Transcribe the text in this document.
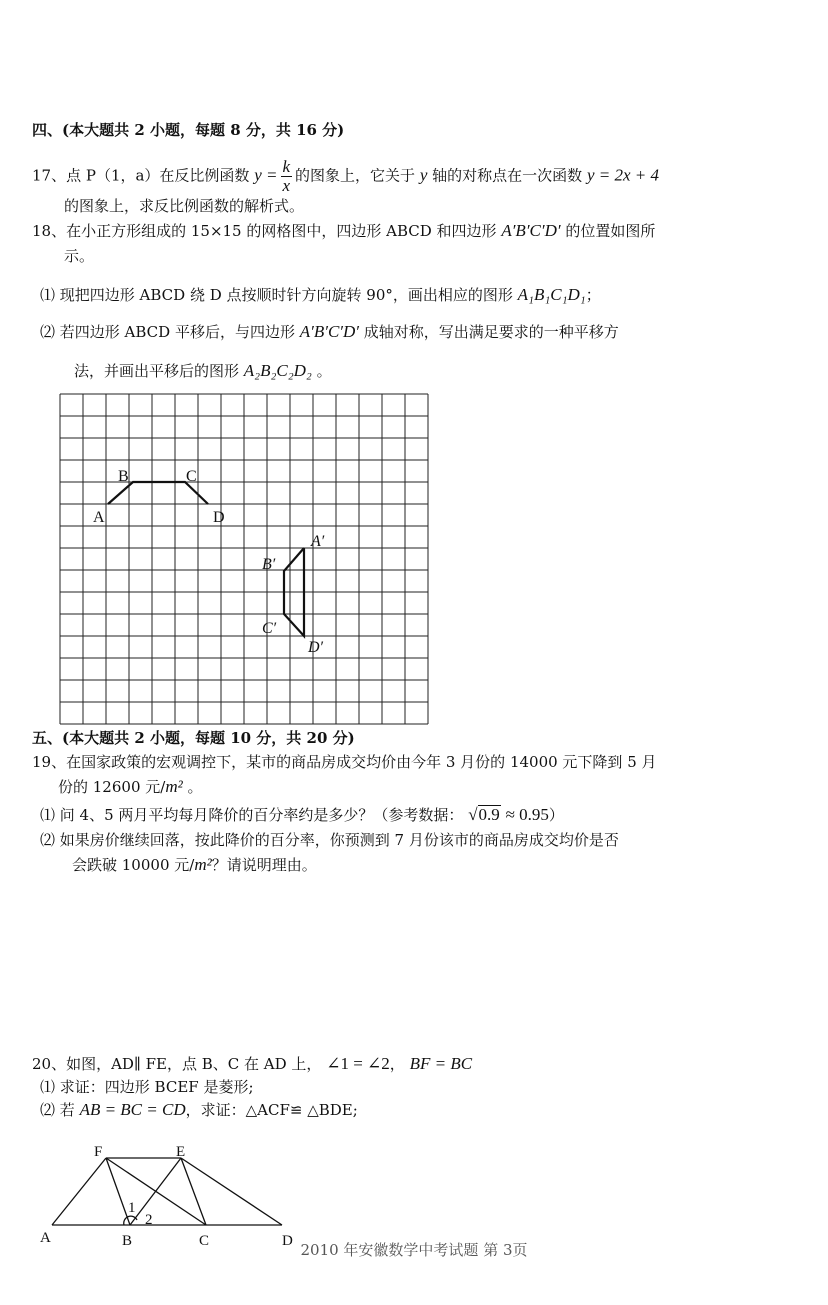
四、(本大题共 2 小题，每题 8 分，共 16 分)
17、点 P（1，a）在反比例函数 $y = \frac{k}{x}$ 的图象上，它关于 y 轴的对称点在一次函数 y = 2x + 4
的图象上，求反比例函数的解析式。
18、在小正方形组成的 15×15 的网格图中，四边形 ABCD 和四边形 A′B′C′D′ 的位置如图所
示。
⑴ 现把四边形 ABCD 绕 D 点按顺时针方向旋转 90°，画出相应的图形 A₁B₁C₁D₁；
⑵ 若四边形 ABCD 平移后，与四边形 A′B′C′D′ 成轴对称，写出满足要求的一种平移方
法，并画出平移后的图形 A₂B₂C₂D₂ 。
A
B	C
D
A′
B′
C′
D′
F	E
A	B	C	D
1
2
五、(本大题共 2 小题，每题 10 分，共 20 分)
19、在国家政策的宏观调控下，某市的商品房成交均价由今年 3 月份的 14000 元下降到 5 月
份的 12600 元/m² 。
⑴ 问 4、5 两月平均每月降价的百分率约是多少？（参考数据： √0.9 ≈ 0.95）
⑵ 如果房价继续回落，按此降价的百分率，你预测到 7 月份该市的商品房成交均价是否
会跌破 10000 元/m²？请说明理由。
20、如图，AD∥ FE，点 B、C 在 AD 上， ∠1 = ∠2， BF = BC
⑴ 求证：四边形 BCEF 是菱形;
⑵ 若 AB = BC = CD，求证：△ACF≌ △BDE;
2010 年安徽数学中考试题 第 3页
